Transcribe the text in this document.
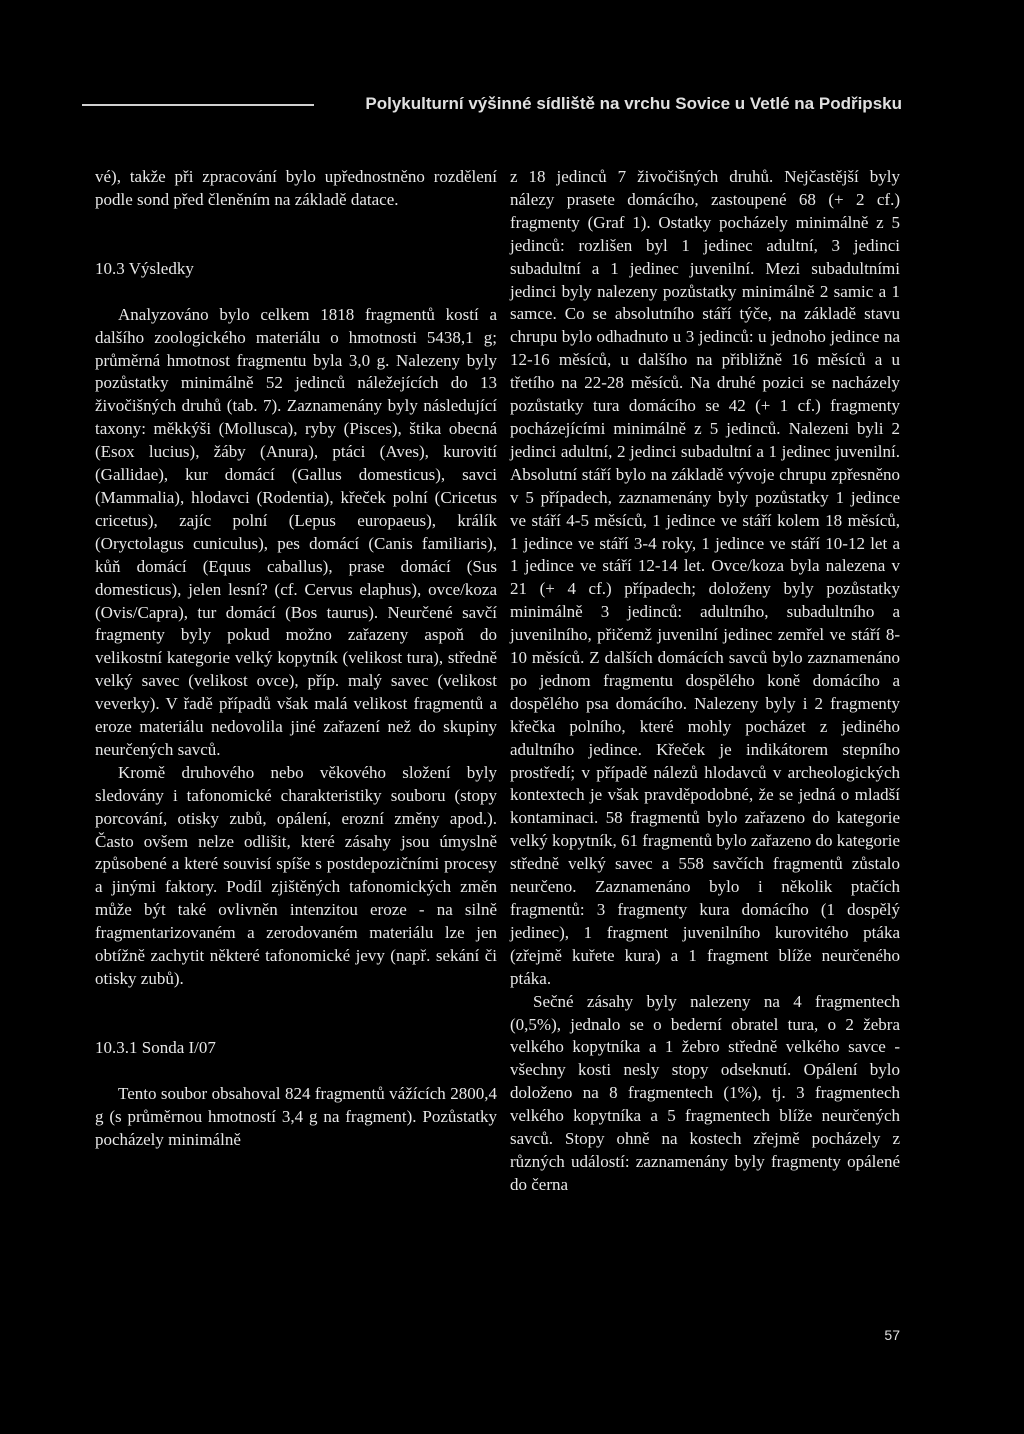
Polykulturní výšinné sídliště na vrchu Sovice u Vetlé na Podřipsku

vé), takže při zpracování bylo upřednostněno rozdělení podle sond před členěním na základě datace.

10.3 Výsledky

Analyzováno bylo celkem 1818 fragmentů kostí a dalšího zoologického materiálu o hmotnosti 5438,1 g; průměrná hmotnost fragmentu byla 3,0 g. Nalezeny byly pozůstatky minimálně 52 jedinců náležejících do 13 živočišných druhů (tab. 7). Zaznamenány byly následující taxony: měkkýši (Mollusca), ryby (Pisces), štika obecná (Esox lucius), žáby (Anura), ptáci (Aves), kurovití (Gallidae), kur domácí (Gallus domesticus), savci (Mammalia), hlodavci (Rodentia), křeček polní (Cricetus cricetus), zajíc polní (Lepus europaeus), králík (Oryctolagus cuniculus), pes domácí (Canis familiaris), kůň domácí (Equus caballus), prase domácí (Sus domesticus), jelen lesní? (cf. Cervus elaphus), ovce/koza (Ovis/Capra), tur domácí (Bos taurus). Neurčené savčí fragmenty byly pokud možno zařazeny aspoň do velikostní kategorie velký kopytník (velikost tura), středně velký savec (velikost ovce), příp. malý savec (velikost veverky). V řadě případů však malá velikost fragmentů a eroze materiálu nedovolila jiné zařazení než do skupiny neurčených savců.

Kromě druhového nebo věkového složení byly sledovány i tafonomické charakteristiky souboru (stopy porcování, otisky zubů, opálení, erozní změny apod.). Často ovšem nelze odlišit, které zásahy jsou úmyslně způsobené a které souvisí spíše s postdepozičními procesy a jinými faktory. Podíl zjištěných tafonomických změn může být také ovlivněn intenzitou eroze - na silně fragmentarizovaném a zerodovaném materiálu lze jen obtížně zachytit některé tafonomické jevy (např. sekání či otisky zubů).

10.3.1 Sonda I/07

Tento soubor obsahoval 824 fragmentů vážících 2800,4 g (s průměrnou hmotností 3,4 g na fragment). Pozůstatky pocházely minimálně

z 18 jedinců 7 živočišných druhů. Nejčastější byly nálezy prasete domácího, zastoupené 68 (+ 2 cf.) fragmenty (Graf 1). Ostatky pocházely minimálně z 5 jedinců: rozlišen byl 1 jedinec adultní, 3 jedinci subadultní a 1 jedinec juvenilní. Mezi subadultními jedinci byly nalezeny pozůstatky minimálně 2 samic a 1 samce. Co se absolutního stáří týče, na základě stavu chrupu bylo odhadnuto u 3 jedinců: u jednoho jedince na 12-16 měsíců, u dalšího na přibližně 16 měsíců a u třetího na 22-28 měsíců. Na druhé pozici se nacházely pozůstatky tura domácího se 42 (+ 1 cf.) fragmenty pocházejícími minimálně z 5 jedinců. Nalezeni byli 2 jedinci adultní, 2 jedinci subadultní a 1 jedinec juvenilní. Absolutní stáří bylo na základě vývoje chrupu zpřesněno v 5 případech, zaznamenány byly pozůstatky 1 jedince ve stáří 4-5 měsíců, 1 jedince ve stáří kolem 18 měsíců, 1 jedince ve stáří 3-4 roky, 1 jedince ve stáří 10-12 let a 1 jedince ve stáří 12-14 let. Ovce/koza byla nalezena v 21 (+ 4 cf.) případech; doloženy byly pozůstatky minimálně 3 jedinců: adultního, subadultního a juvenilního, přičemž juvenilní jedinec zemřel ve stáří 8-10 měsíců. Z dalších domácích savců bylo zaznamenáno po jednom fragmentu dospělého koně domácího a dospělého psa domácího. Nalezeny byly i 2 fragmenty křečka polního, které mohly pocházet z jediného adultního jedince. Křeček je indikátorem stepního prostředí; v případě nálezů hlodavců v archeologických kontextech je však pravděpodobné, že se jedná o mladší kontaminaci. 58 fragmentů bylo zařazeno do kategorie velký kopytník, 61 fragmentů bylo zařazeno do kategorie středně velký savec a 558 savčích fragmentů zůstalo neurčeno. Zaznamenáno bylo i několik ptačích fragmentů: 3 fragmenty kura domácího (1 dospělý jedinec), 1 fragment juvenilního kurovitého ptáka (zřejmě kuřete kura) a 1 fragment blíže neurčeného ptáka.

Sečné zásahy byly nalezeny na 4 fragmentech (0,5%), jednalo se o bederní obratel tura, o 2 žebra velkého kopytníka a 1 žebro středně velkého savce - všechny kosti nesly stopy odseknutí. Opálení bylo doloženo na 8 fragmentech (1%), tj. 3 fragmentech velkého kopytníka a 5 fragmentech blíže neurčených savců. Stopy ohně na kostech zřejmě pocházely z různých událostí: zaznamenány byly fragmenty opálené do černa

57
